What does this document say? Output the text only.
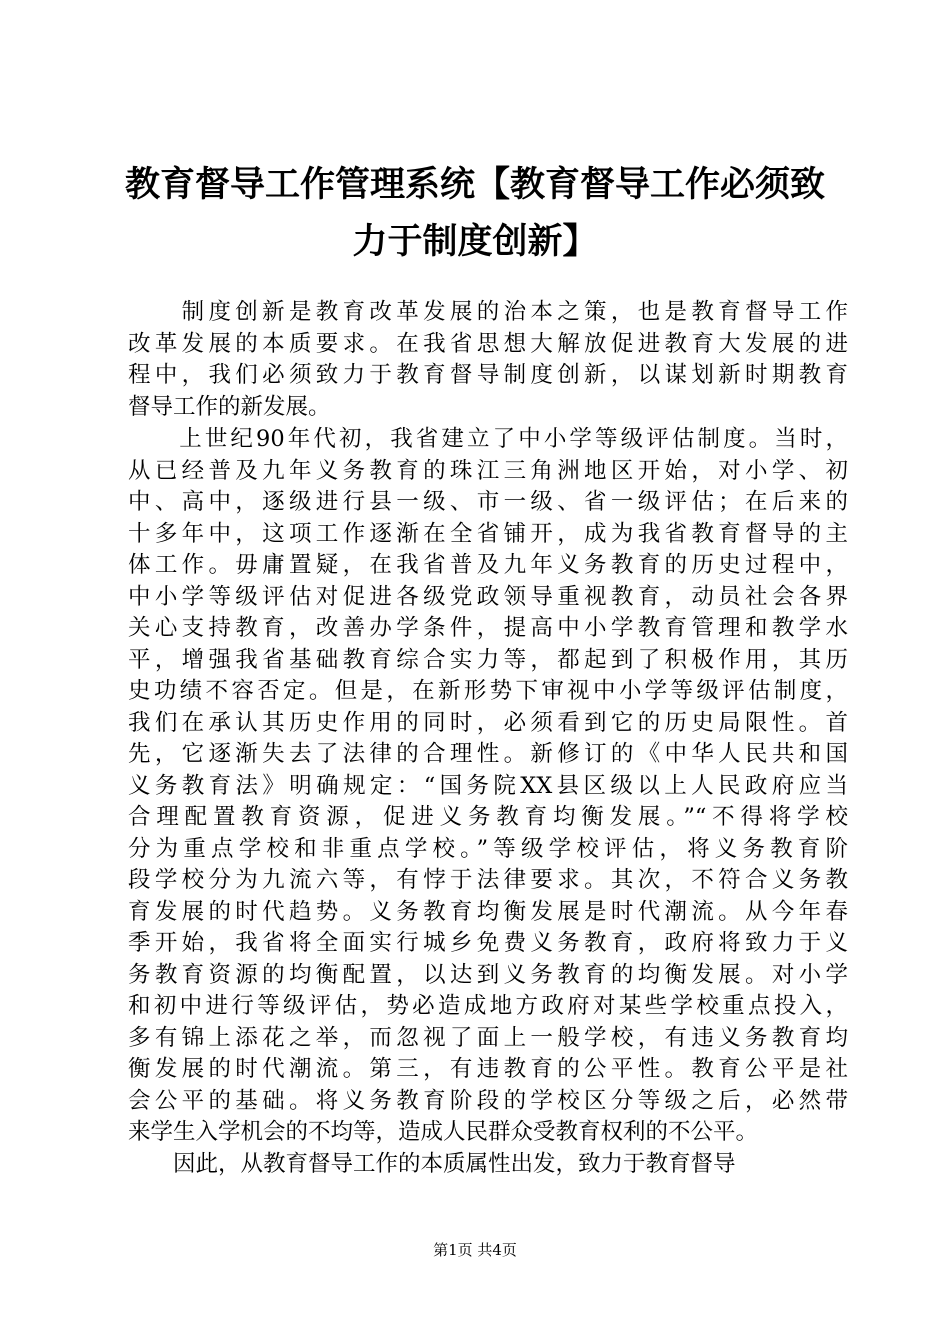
教育督导工作管理系统【教育督导工作必须致
力于制度创新】
　　制度创新是教育改革发展的治本之策，也是教育督导工作
改革发展的本质要求。在我省思想大解放促进教育大发展的进
程中，我们必须致力于教育督导制度创新，以谋划新时期教育
督导工作的新发展。
　　上世纪90年代初，我省建立了中小学等级评估制度。当时，
从已经普及九年义务教育的珠江三角洲地区开始，对小学、初
中、高中，逐级进行县一级、市一级、省一级评估；在后来的
十多年中，这项工作逐渐在全省铺开，成为我省教育督导的主
体工作。毋庸置疑，在我省普及九年义务教育的历史过程中，
中小学等级评估对促进各级党政领导重视教育，动员社会各界
关心支持教育，改善办学条件，提高中小学教育管理和教学水
平，增强我省基础教育综合实力等，都起到了积极作用，其历
史功绩不容否定。但是，在新形势下审视中小学等级评估制度，
我们在承认其历史作用的同时，必须看到它的历史局限性。首
先，它逐渐失去了法律的合理性。新修订的《中华人民共和国
义务教育法》明确规定：“国务院XX县区级以上人民政府应当
合理配置教育资源，促进义务教育均衡发展。”“不得将学校
分为重点学校和非重点学校。”等级学校评估，将义务教育阶
段学校分为九流六等，有悖于法律要求。其次，不符合义务教
育发展的时代趋势。义务教育均衡发展是时代潮流。从今年春
季开始，我省将全面实行城乡免费义务教育，政府将致力于义
务教育资源的均衡配置，以达到义务教育的均衡发展。对小学
和初中进行等级评估，势必造成地方政府对某些学校重点投入，
多有锦上添花之举，而忽视了面上一般学校，有违义务教育均
衡发展的时代潮流。第三，有违教育的公平性。教育公平是社
会公平的基础。将义务教育阶段的学校区分等级之后，必然带
来学生入学机会的不均等，造成人民群众受教育权利的不公平。
　　因此，从教育督导工作的本质属性出发，致力于教育督导
第1页 共4页
